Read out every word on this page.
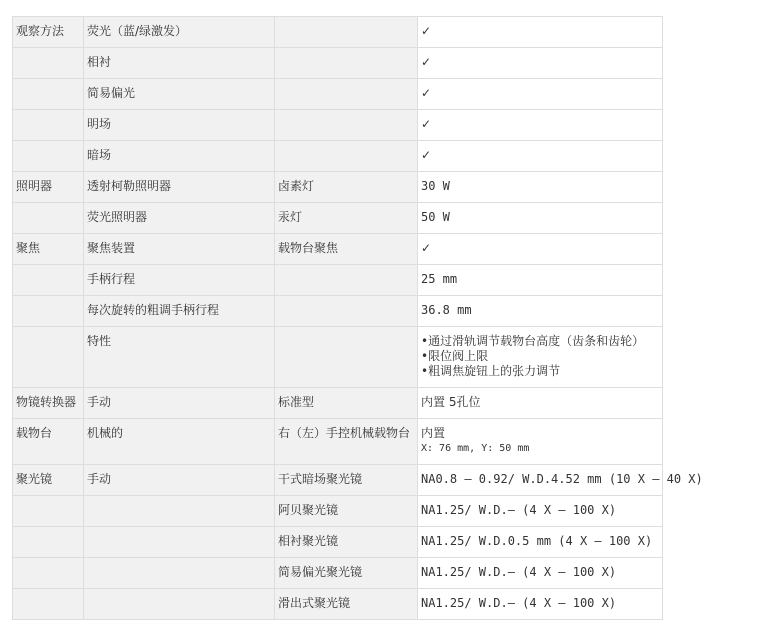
观察方法	荧光（蓝/绿激发）		✓
	相衬		✓
	简易偏光		✓
	明场		✓
	暗场		✓
照明器	透射柯勒照明器	卤素灯	30 W
	荧光照明器	汞灯	50 W
聚焦	聚焦装置	载物台聚焦	✓
	手柄行程		25 mm
	每次旋转的粗调手柄行程		36.8 mm
	特性		•通过滑轨调节载物台高度（齿条和齿轮）
•限位阀上限
•粗调焦旋钮上的张力调节

物镜转换器	手动	标准型	内置 5孔位
载物台	机械的	右（左）手控机械载物台	内置
X: 76 mm, Y: 50 mm

聚光镜	手动	干式暗场聚光镜	NA0.8 – 0.92/ W.D.4.52 mm (10 X – 40 X)
		阿贝聚光镜	NA1.25/ W.D.– (4 X – 100 X)
		相衬聚光镜	NA1.25/ W.D.0.5 mm (4 X – 100 X)
		简易偏光聚光镜	NA1.25/ W.D.– (4 X – 100 X)
		滑出式聚光镜	NA1.25/ W.D.– (4 X – 100 X)
